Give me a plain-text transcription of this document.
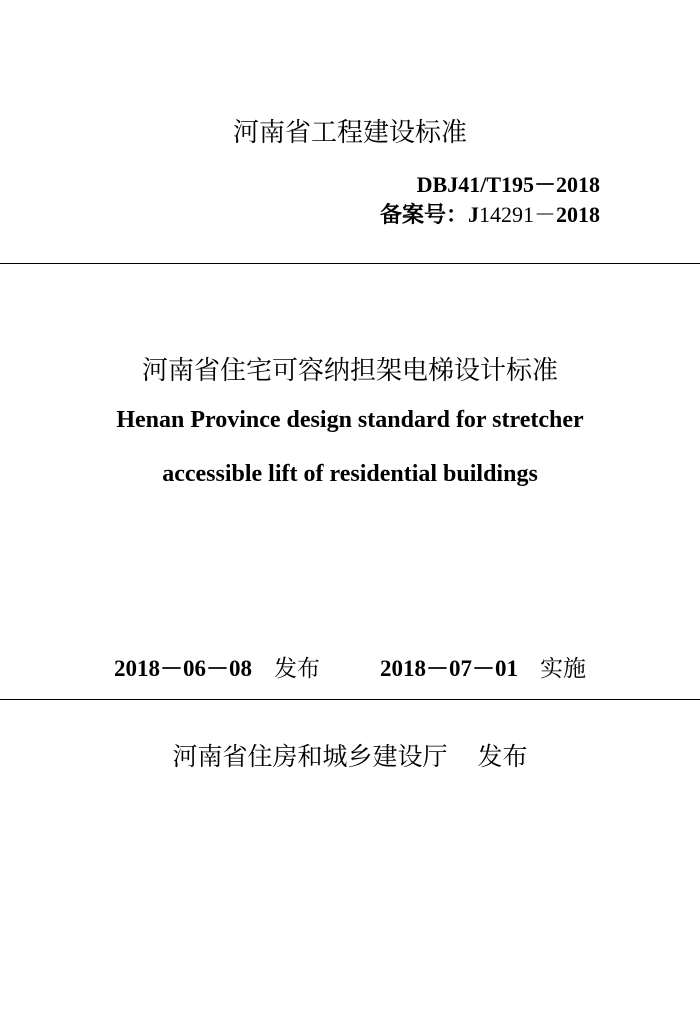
河南省工程建设标准
DBJ41/T195－2018
备案号：J14291－2018
河南省住宅可容纳担架电梯设计标准
Henan Province design standard for stretcher
accessible lift of residential buildings
2018－06－08 发布	2018－07－01 实施
河南省住房和城乡建设厅 发布
